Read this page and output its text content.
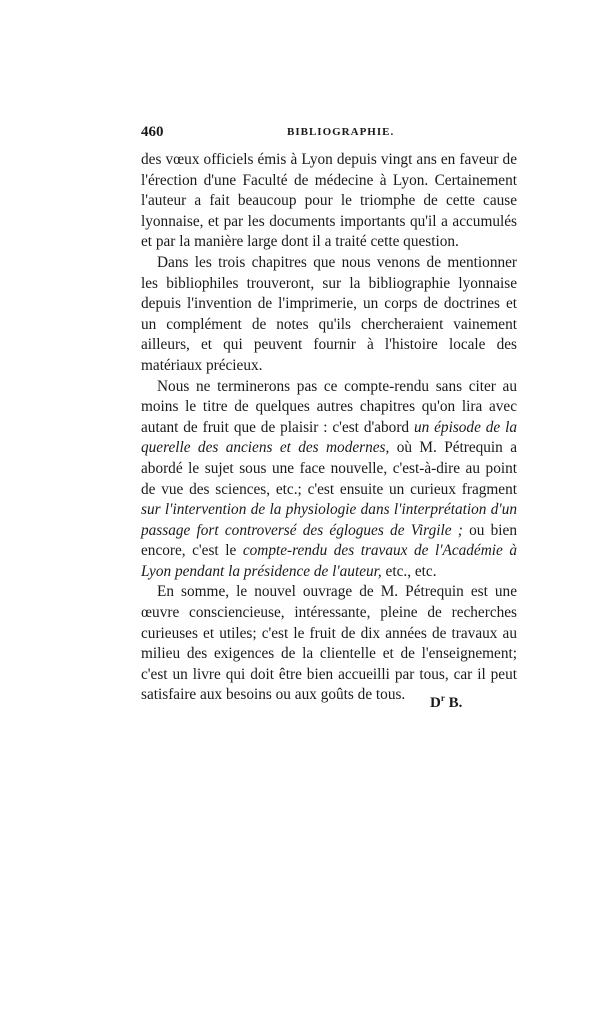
460	BIBLIOGRAPHIE.

des vœux officiels émis à Lyon depuis vingt ans en faveur de l'érection d'une Faculté de médecine à Lyon. Certainement l'auteur a fait beaucoup pour le triomphe de cette cause lyonnaise, et par les documents importants qu'il a accumulés et par la manière large dont il a traité cette question.

Dans les trois chapitres que nous venons de mentionner les bibliophiles trouveront, sur la bibliographie lyonnaise depuis l'invention de l'imprimerie, un corps de doctrines et un complément de notes qu'ils chercheraient vainement ailleurs, et qui peuvent fournir à l'histoire locale des matériaux précieux.

Nous ne terminerons pas ce compte-rendu sans citer au moins le titre de quelques autres chapitres qu'on lira avec autant de fruit que de plaisir : c'est d'abord un épisode de la querelle des anciens et des modernes, où M. Pétrequin a abordé le sujet sous une face nouvelle, c'est-à-dire au point de vue des sciences, etc.; c'est ensuite un curieux fragment sur l'intervention de la physiologie dans l'interprétation d'un passage fort controversé des églogues de Virgile ; ou bien encore, c'est le compte-rendu des travaux de l'Académie à Lyon pendant la présidence de l'auteur, etc., etc.

En somme, le nouvel ouvrage de M. Pétrequin est une œuvre consciencieuse, intéressante, pleine de recherches curieuses et utiles; c'est le fruit de dix années de travaux au milieu des exigences de la clientelle et de l'enseignement; c'est un livre qui doit être bien accueilli par tous, car il peut satisfaire aux besoins ou aux goûts de tous.	$D^r$ B.
